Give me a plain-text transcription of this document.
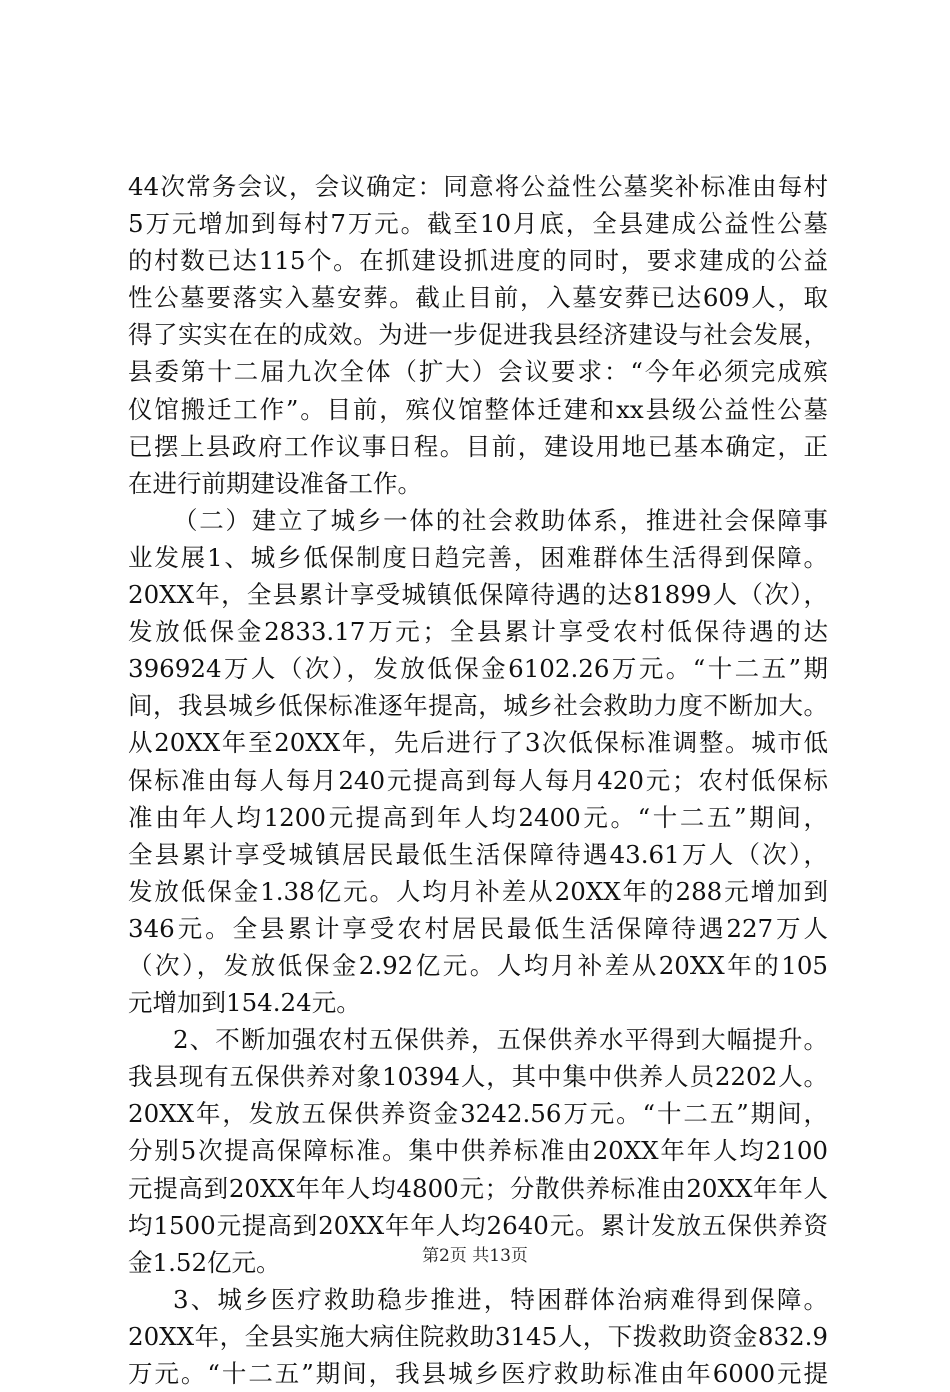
44次常务会议，会议确定：同意将公益性公墓奖补标准由每村
5万元增加到每村7万元。截至10月底，全县建成公益性公墓
的村数已达115个。在抓建设抓进度的同时，要求建成的公益
性公墓要落实入墓安葬。截止目前，入墓安葬已达609人，取
得了实实在在的成效。为进一步促进我县经济建设与社会发展，
县委第十二届九次全体（扩大）会议要求：“今年必须完成殡
仪馆搬迁工作”。目前，殡仪馆整体迁建和xx县级公益性公墓
已摆上县政府工作议事日程。目前，建设用地已基本确定，正
在进行前期建设准备工作。
（二）建立了城乡一体的社会救助体系，推进社会保障事
业发展1、城乡低保制度日趋完善，困难群体生活得到保障。
20XX年，全县累计享受城镇低保障待遇的达81899人（次），
发放低保金2833.17万元；全县累计享受农村低保待遇的达
396924万人（次），发放低保金6102.26万元。“十二五”期
间，我县城乡低保标准逐年提高，城乡社会救助力度不断加大。
从20XX年至20XX年，先后进行了3次低保标准调整。城市低
保标准由每人每月240元提高到每人每月420元；农村低保标
准由年人均1200元提高到年人均2400元。“十二五”期间，
全县累计享受城镇居民最低生活保障待遇43.61万人（次），
发放低保金1.38亿元。人均月补差从20XX年的288元增加到
346元。全县累计享受农村居民最低生活保障待遇227万人
（次），发放低保金2.92亿元。人均月补差从20XX年的105
元增加到154.24元。
2、不断加强农村五保供养，五保供养水平得到大幅提升。
我县现有五保供养对象10394人，其中集中供养人员2202人。
20XX年，发放五保供养资金3242.56万元。“十二五”期间，
分别5次提高保障标准。集中供养标准由20XX年年人均2100
元提高到20XX年年人均4800元；分散供养标准由20XX年年人
均1500元提高到20XX年年人均2640元。累计发放五保供养资
金1.52亿元。
3、城乡医疗救助稳步推进，特困群体治病难得到保障。
20XX年，全县实施大病住院救助3145人，下拨救助资金832.9
万元。“十二五”期间，我县城乡医疗救助标准由年6000元提
第2页 共13页
